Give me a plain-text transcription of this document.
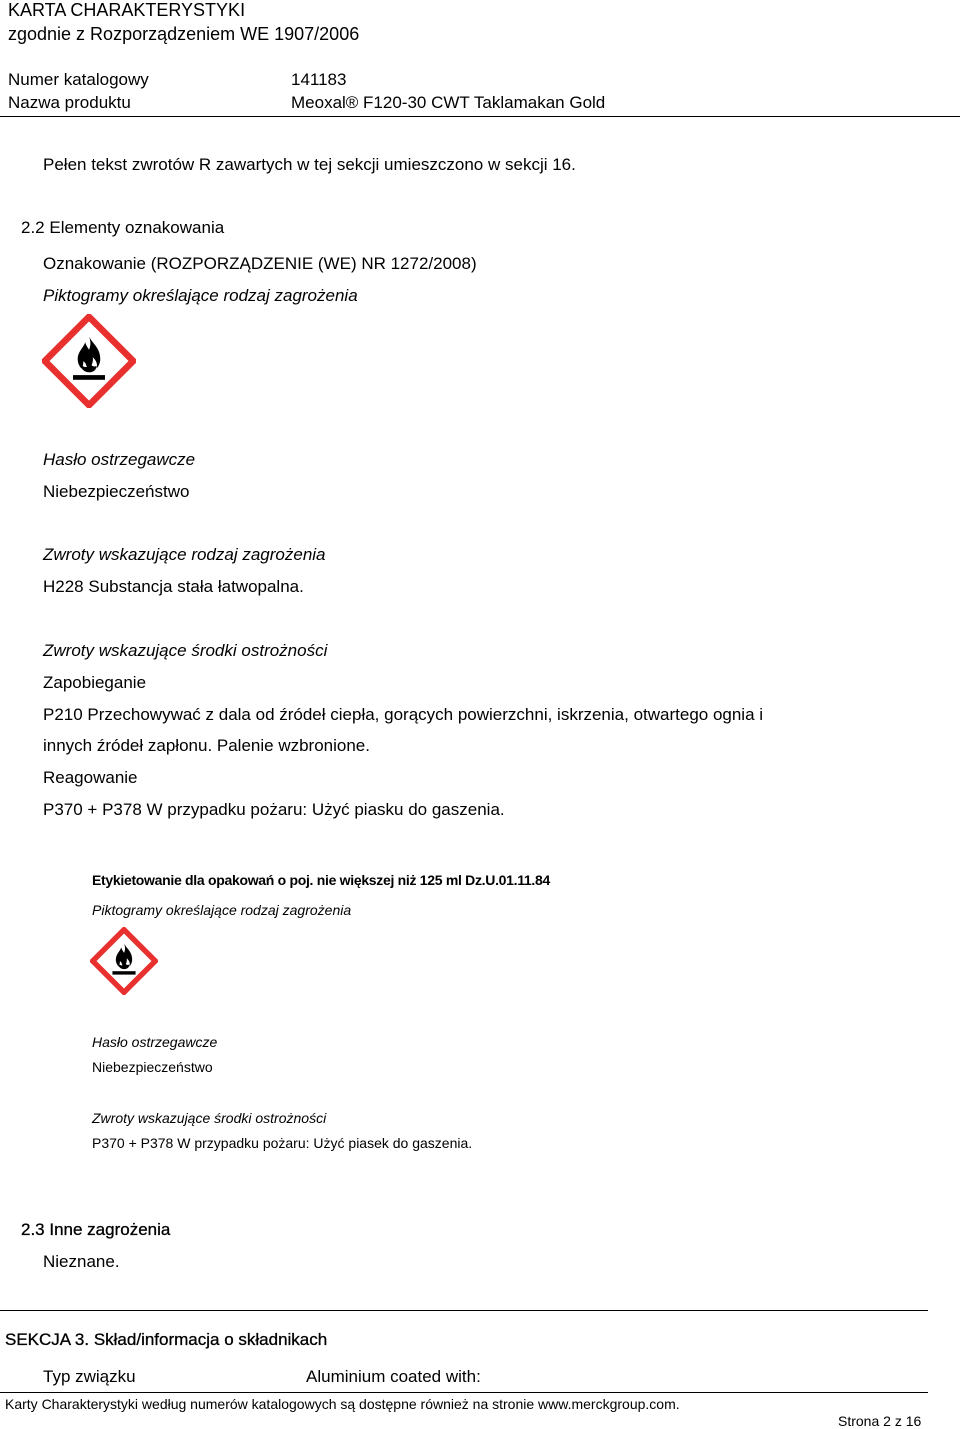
KARTA CHARAKTERYSTYKI
zgodnie z Rozporządzeniem WE 1907/2006
Numer katalogowy	141183
Nazwa produktu	Meoxal® F120-30 CWT Taklamakan Gold
Pełen tekst zwrotów R zawartych w tej sekcji umieszczono w sekcji 16.
2.2 Elementy oznakowania
Oznakowanie (ROZPORZĄDZENIE (WE) NR 1272/2008)
Piktogramy określające rodzaj zagrożenia
Hasło ostrzegawcze
Niebezpieczeństwo
Zwroty wskazujące rodzaj zagrożenia
H228 Substancja stała łatwopalna.
Zwroty wskazujące środki ostrożności
Zapobieganie
P210 Przechowywać z dala od źródeł ciepła, gorących powierzchni, iskrzenia, otwartego ognia i
innych źródeł zapłonu. Palenie wzbronione.
Reagowanie
P370 + P378 W przypadku pożaru: Użyć piasku do gaszenia.
Etykietowanie dla opakowań o poj. nie większej niż 125 ml Dz.U.01.11.84
Piktogramy określające rodzaj zagrożenia
Hasło ostrzegawcze
Niebezpieczeństwo
Zwroty wskazujące środki ostrożności
P370 + P378 W przypadku pożaru: Użyć piasek do gaszenia.
2.3 Inne zagrożenia
Nieznane.
SEKCJA 3. Skład/informacja o składnikach
Typ związku	Aluminium coated with:
Karty Charakterystyki według numerów katalogowych są dostępne również na stronie www.merckgroup.com.
Strona 2 z 16
